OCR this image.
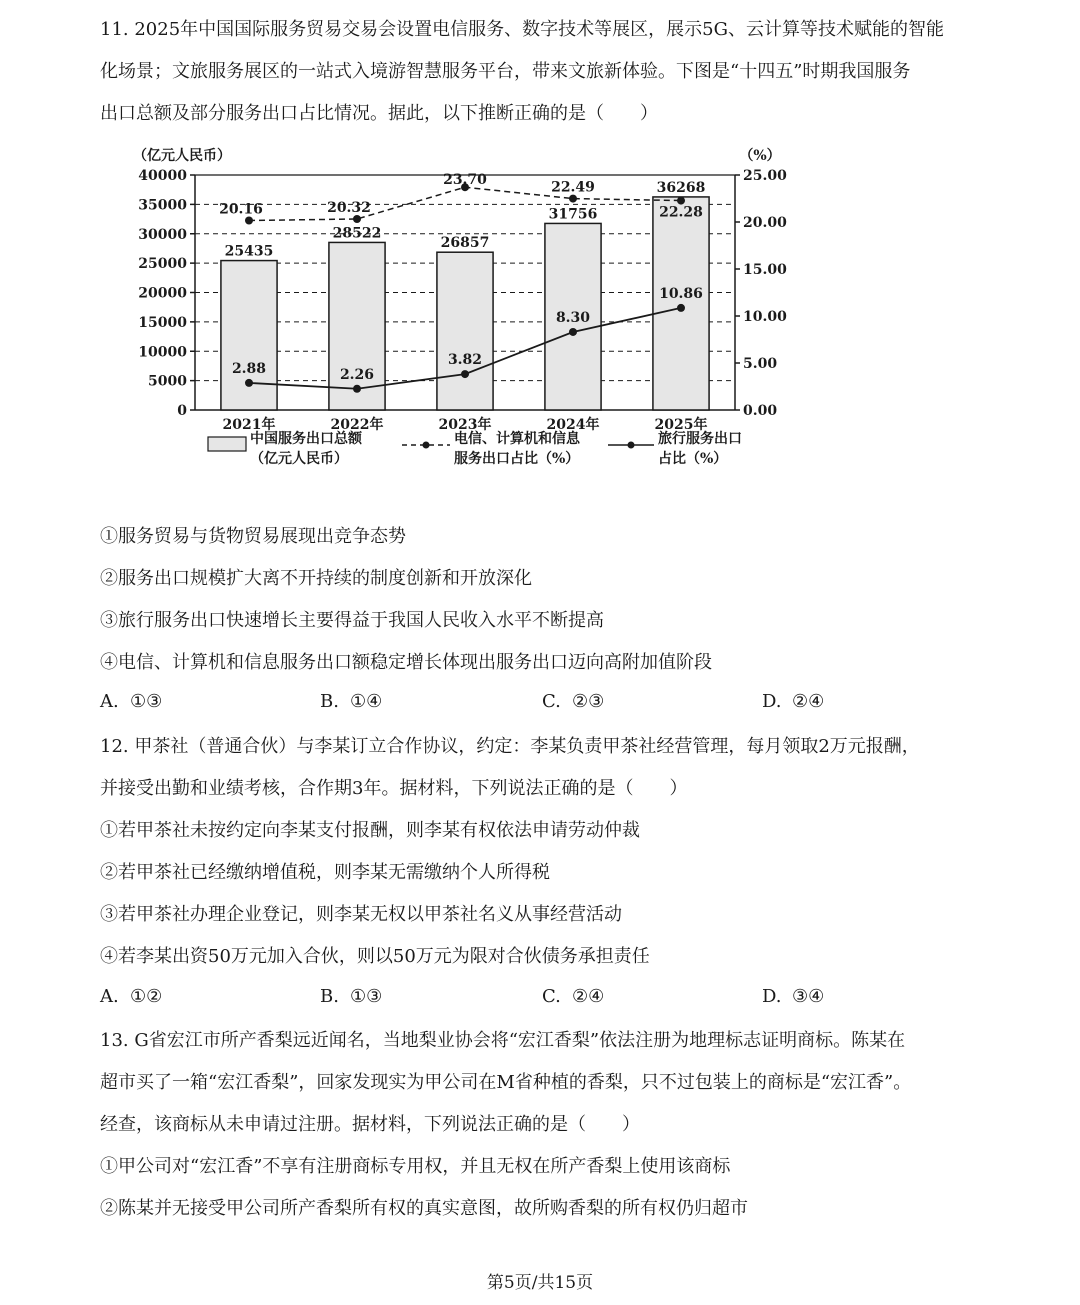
11. 2025年中国国际服务贸易交易会设置电信服务、数字技术等展区，展示5G、云计算等技术赋能的智能
化场景；文旅服务展区的一站式入境游智慧服务平台，带来文旅新体验。下图是“十四五”时期我国服务
出口总额及部分服务出口占比情况。据此，以下推断正确的是（　　）
（亿元人民币）	（%）
40000
35000
30000
25000
20000
15000
10000
5000
0
25.00
20.00
15.00
10.00
5.00
0.00
25435
28522
26857
31756
36268
2021年	2022年	2023年	2024年	2025年
20.16	20.32
23.70	22.49
22.28
2.88	2.26
3.82
8.30
10.86
中国服务出口总额
（亿元人民币）
电信、计算机和信息
服务出口占比（%）
旅行服务出口
占比（%）
①服务贸易与货物贸易展现出竞争态势
②服务出口规模扩大离不开持续的制度创新和开放深化
③旅行服务出口快速增长主要得益于我国人民收入水平不断提高
④电信、计算机和信息服务出口额稳定增长体现出服务出口迈向高附加值阶段
A. ①③	B. ①④	C. ②③	D. ②④
12. 甲茶社（普通合伙）与李某订立合作协议，约定：李某负责甲茶社经营管理，每月领取2万元报酬，
并接受出勤和业绩考核，合作期3年。据材料，下列说法正确的是（　　）
①若甲茶社未按约定向李某支付报酬，则李某有权依法申请劳动仲裁
②若甲茶社已经缴纳增值税，则李某无需缴纳个人所得税
③若甲茶社办理企业登记，则李某无权以甲茶社名义从事经营活动
④若李某出资50万元加入合伙，则以50万元为限对合伙债务承担责任
A. ①②	B. ①③	C. ②④	D. ③④
13. G省宏江市所产香梨远近闻名，当地梨业协会将“宏江香梨”依法注册为地理标志证明商标。陈某在
超市买了一箱“宏江香梨”，回家发现实为甲公司在M省种植的香梨，只不过包装上的商标是“宏江香”。
经查，该商标从未申请过注册。据材料，下列说法正确的是（　　）
①甲公司对“宏江香”不享有注册商标专用权，并且无权在所产香梨上使用该商标
②陈某并无接受甲公司所产香梨所有权的真实意图，故所购香梨的所有权仍归超市
第5页/共15页
